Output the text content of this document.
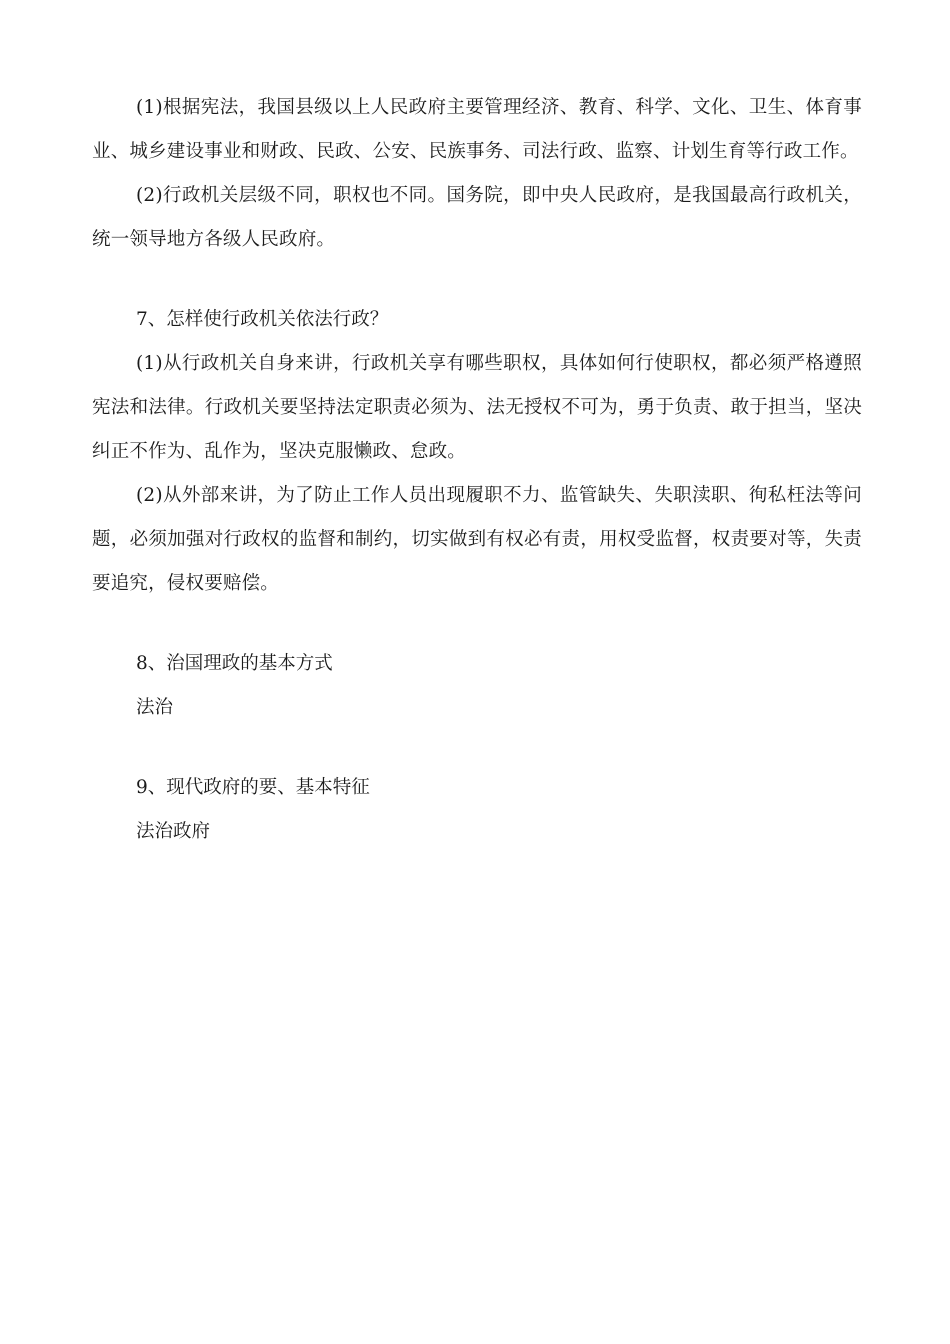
(1)根据宪法，我国县级以上人民政府主要管理经济、教育、科学、文化、卫生、体育事业、城乡建设事业和财政、民政、公安、民族事务、司法行政、监察、计划生育等行政工作。

(2)行政机关层级不同，职权也不同。国务院，即中央人民政府，是我国最高行政机关，统一领导地方各级人民政府。

7、怎样使行政机关依法行政？

(1)从行政机关自身来讲，行政机关享有哪些职权，具体如何行使职权，都必须严格遵照宪法和法律。行政机关要坚持法定职责必须为、法无授权不可为，勇于负责、敢于担当，坚决纠正不作为、乱作为，坚决克服懒政、怠政。

(2)从外部来讲，为了防止工作人员出现履职不力、监管缺失、失职渎职、徇私枉法等问题，必须加强对行政权的监督和制约，切实做到有权必有责，用权受监督，权责要对等，失责要追究，侵权要赔偿。

8、治国理政的基本方式

法治

9、现代政府的要、基本特征

法治政府
